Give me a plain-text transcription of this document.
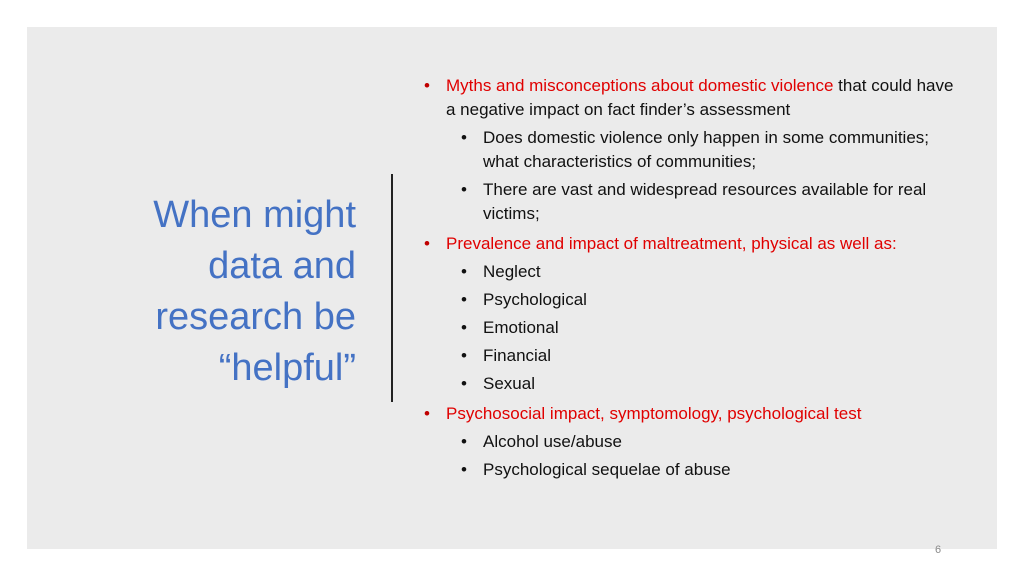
When might
data and
research be
“helpful”
• Myths and misconceptions about domestic violence that could have a negative impact on fact finder’s assessment
• Does domestic violence only happen in some communities; what characteristics of communities;
• There are vast and widespread resources available for real victims;
• Prevalence and impact of maltreatment, physical as well as:
• Neglect
• Psychological
• Emotional
• Financial
• Sexual
• Psychosocial impact, symptomology, psychological test
• Alcohol use/abuse
• Psychological sequelae of abuse
6
